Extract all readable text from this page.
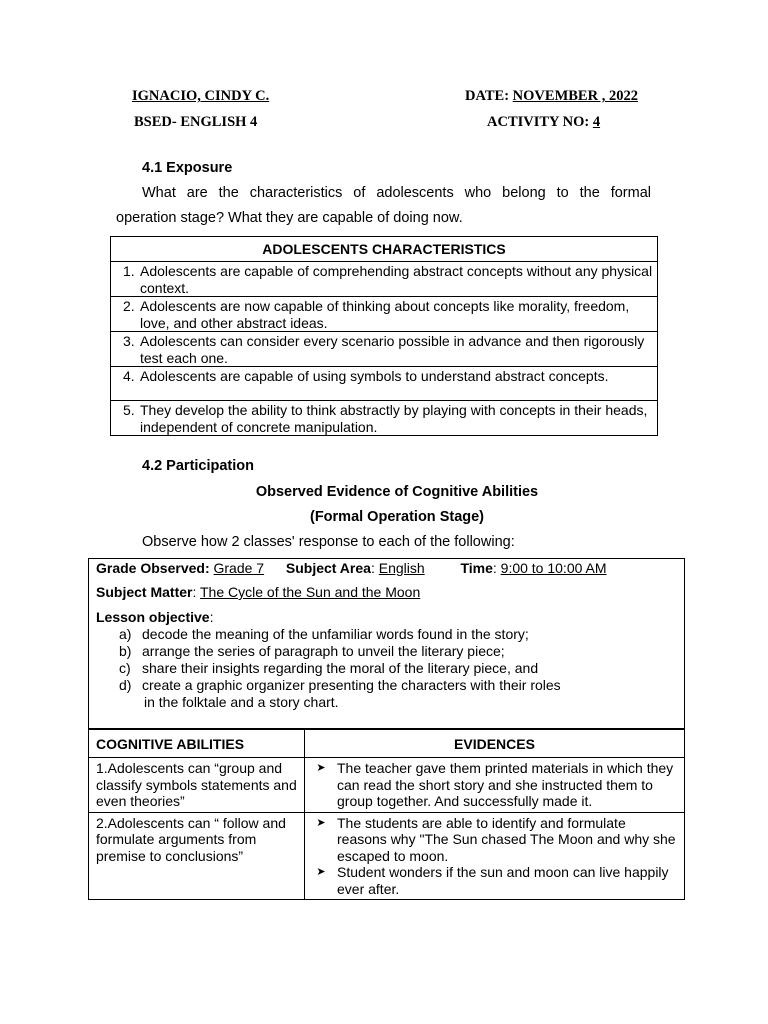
IGNACIO, CINDY C.	DATE: NOVEMBER , 2022
BSED- ENGLISH 4	ACTIVITY NO: 4
4.1 Exposure
What are the characteristics of adolescents who belong to the formal
operation stage? What they are capable of doing now.
ADOLESCENTS CHARACTERISTICS

1. Adolescents are capable of comprehending abstract concepts without any physical context.

2. Adolescents are now capable of thinking about concepts like morality, freedom, love, and other abstract ideas.

3. Adolescents can consider every scenario possible in advance and then rigorously test each one.

4. Adolescents are capable of using symbols to understand abstract concepts.

5. They develop the ability to think abstractly by playing with concepts in their heads, independent of concrete manipulation.
4.2 Participation
Observed Evidence of Cognitive Abilities
(Formal Operation Stage)
Observe how 2 classes' response to each of the following:
Grade Observed: Grade 7 Subject Area: English	Time: 9:00 to 10:00 AM
Subject Matter: The Cycle of the Sun and the Moon
Lesson objective:
a) decode the meaning of the unfamiliar words found in the story;
b) arrange the series of paragraph to unveil the literary piece;
c) share their insights regarding the moral of the literary piece, and
d) create a graphic organizer presenting the characters with their roles
in the folktale and a story chart.
COGNITIVE ABILITIES	EVIDENCES

1.Adolescents can “group and classify symbols statements and even theories”	➤ The teacher gave them printed materials in which they can read the short story and she instructed them to group together. And successfully made it.

2.Adolescents can “ follow and formulate arguments from premise to conclusions”	➤ The students are able to identify and formulate reasons why "The Sun chased The Moon and why she escaped to moon.
➤ Student wonders if the sun and moon can live happily ever after.
